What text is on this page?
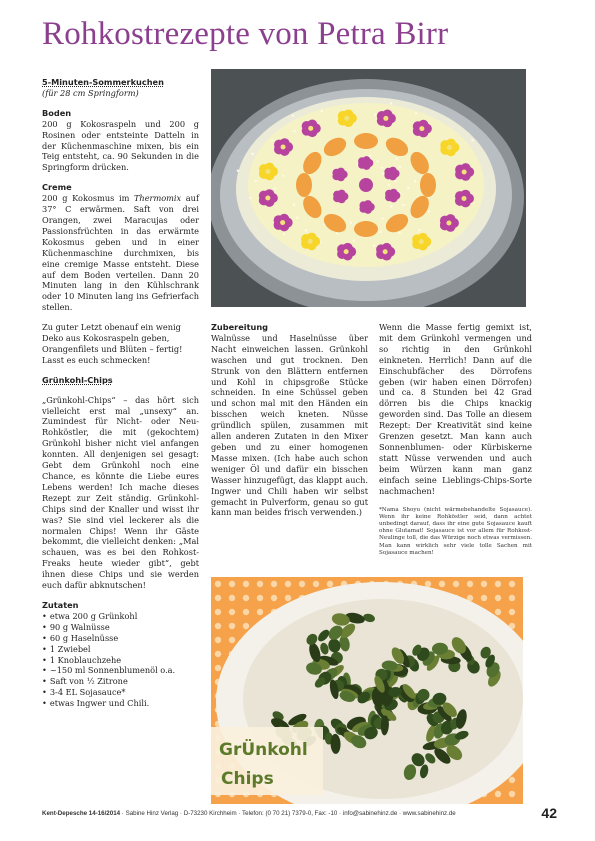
Rohkostrezepte von Petra Birr
5-Minuten-Sommerkuchen
(für 28 cm Springform)
Boden

200 g Kokosraspeln und 200 g Rosinen oder entsteinte Datteln in der Küchenmaschine mixen, bis ein Teig entsteht, ca. 90 Sekunden in die Springform drücken.

Creme

200 g Kokosmus im Thermomix auf 37° C erwärmen. Saft von drei Orangen, zwei Maracujas oder Passionsfrüchten in das erwärmte Kokosmus geben und in einer Küchenmaschine durchmixen, bis eine cremige Masse entsteht. Diese auf dem Boden verteilen. Dann 20 Minuten lang in den Kühlschrank oder 10 Minuten lang ins Gefrierfach stellen.

Zu guter Letzt obenauf ein wenig Deko aus Kokosraspeln geben, Orangenfilets und Blüten – fertig! Lasst es euch schmecken!

Grünkohl-Chips

„Grünkohl-Chips“ – das hört sich vielleicht erst mal „unsexy“ an. Zumindest für Nicht- oder Neu-Rohköstler, die mit (gekochtem) Grünkohl bisher nicht viel anfangen konnten. All denjenigen sei gesagt: Gebt dem Grünkohl noch eine Chance, es könnte die Liebe eures Lebens werden! Ich mache dieses Rezept zur Zeit ständig. Grünkohl-Chips sind der Knaller und wisst ihr was? Sie sind viel leckerer als die normalen Chips! Wenn ihr Gäste bekommt, die vielleicht denken: „Mal schauen, was es bei den Rohkost-Freaks heute wieder gibt“, gebt ihnen diese Chips und sie werden euch dafür abknutschen!

Zutaten
• etwa 200 g Grünkohl
• 90 g Walnüsse
• 60 g Haselnüsse
• 1 Zwiebel
• 1 Knoblauchzehe
• ~150 ml Sonnenblumenöl o.a.
• Saft von ½ Zitrone
• 3-4 EL Sojasauce*
• etwas Ingwer und Chili.
Zubereitung

Walnüsse und Haselnüsse über Nacht einweichen lassen. Grünkohl waschen und gut trocknen. Den Strunk von den Blättern entfernen und Kohl in chipsgroße Stücke schneiden. In eine Schüssel geben und schon mal mit den Händen ein bisschen weich kneten. Nüsse gründlich spülen, zusammen mit allen anderen Zutaten in den Mixer geben und zu einer homogenen Masse mixen. (Ich habe auch schon weniger Öl und dafür ein bisschen Wasser hinzugefügt, das klappt auch. Ingwer und Chili haben wir selbst gemacht in Pulverform, genau so gut kann man beides frisch verwenden.)

Wenn die Masse fertig gemixt ist, mit dem Grünkohl vermengen und so richtig in den Grünkohl einkneten. Herrlich! Dann auf die Einschubfächer des Dörrofens geben (wir haben einen Dörrofen) und ca. 8 Stunden bei 42 Grad dörren bis die Chips knackig geworden sind. Das Tolle an diesem Rezept: Der Kreativität sind keine Grenzen gesetzt. Man kann auch Sonnenblumen- oder Kürbiskerne statt Nüsse verwenden und auch beim Würzen kann man ganz einfach seine Lieblings-Chips-Sorte nachmachen!

*Nama Shoyu (nicht wärmebehandelte Sojasauce). Wenn ihr keine Rohköstler seid, dann achtet unbedingt darauf, dass ihr eine gute Sojasauce kauft ohne Glutamat! Sojasauce ist vor allem für Rohkost-Neulinge toll, die das Würzige noch etwas vermissen. Man kann wirklich sehr viele tolle Sachen mit Sojasauce machen!
GrÜnkohl
Chips
Kent-Depesche 14-16/2014 · Sabine Hinz Verlag · D-73230 Kirchheim · Telefon: (0 70 21) 7379-0, Fax: -10 · info@sabinehinz.de · www.sabinehinz.de	42
